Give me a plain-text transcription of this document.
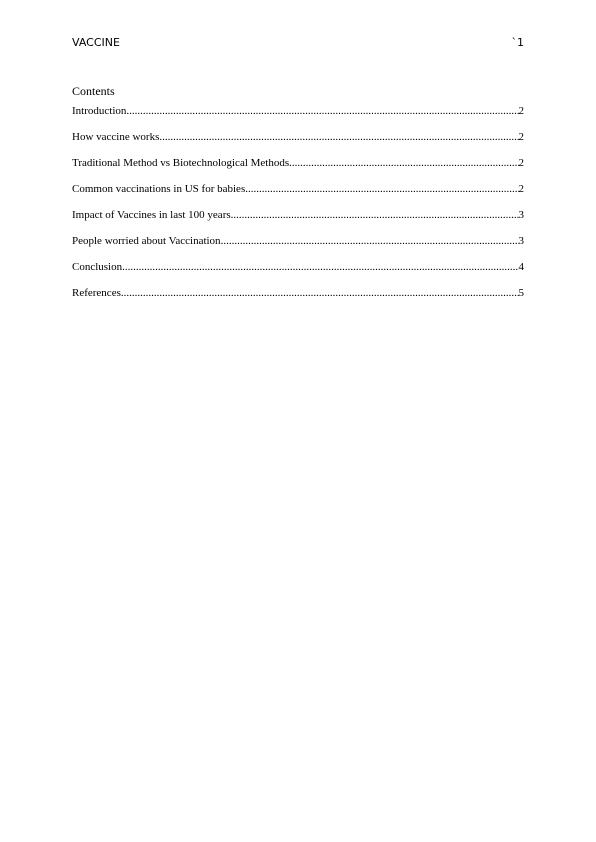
VACCINE	`1
Contents
Introduction .....	2
How vaccine works .....	2
Traditional Method vs Biotechnological Methods .....	2
Common vaccinations in US for babies .....	2
Impact of Vaccines in last 100 years .....	3
People worried about Vaccination .....	3
Conclusion .....	4
References .....	5
